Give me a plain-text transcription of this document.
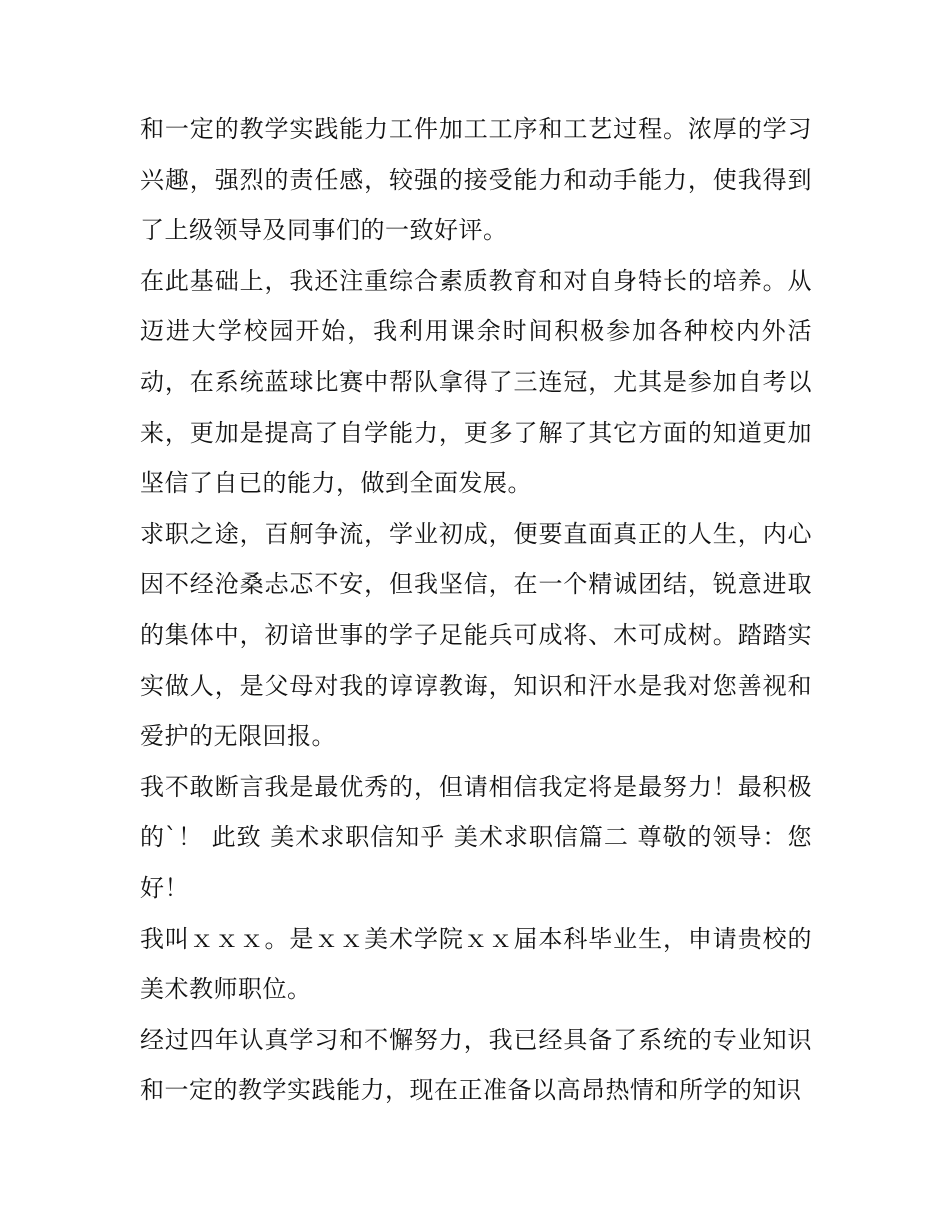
和一定的教学实践能力工件加工工序和工艺过程。浓厚的学习兴趣，强烈的责任感，较强的接受能力和动手能力，使我得到了上级领导及同事们的一致好评。

在此基础上，我还注重综合素质教育和对自身特长的培养。从迈进大学校园开始，我利用课余时间积极参加各种校内外活动，在系统蓝球比赛中帮队拿得了三连冠，尤其是参加自考以来，更加是提高了自学能力，更多了解了其它方面的知道更加坚信了自已的能力，做到全面发展。

求职之途，百舸争流，学业初成，便要直面真正的人生，内心因不经沧桑忐忑不安，但我坚信，在一个精诚团结，锐意进取的集体中，初谙世事的学子足能兵可成将、木可成树。踏踏实实做人，是父母对我的谆谆教诲，知识和汗水是我对您善视和爱护的无限回报。

我不敢断言我是最优秀的，但请相信我定将是最努力！最积极的`！ 此致 美术求职信知乎 美术求职信篇二 尊敬的领导：您好！

我叫ｘｘｘ。是ｘｘ美术学院ｘｘ届本科毕业生，申请贵校的美术教师职位。

经过四年认真学习和不懈努力，我已经具备了系统的专业知识和一定的教学实践能力，现在正准备以高昂热情和所学的知识
